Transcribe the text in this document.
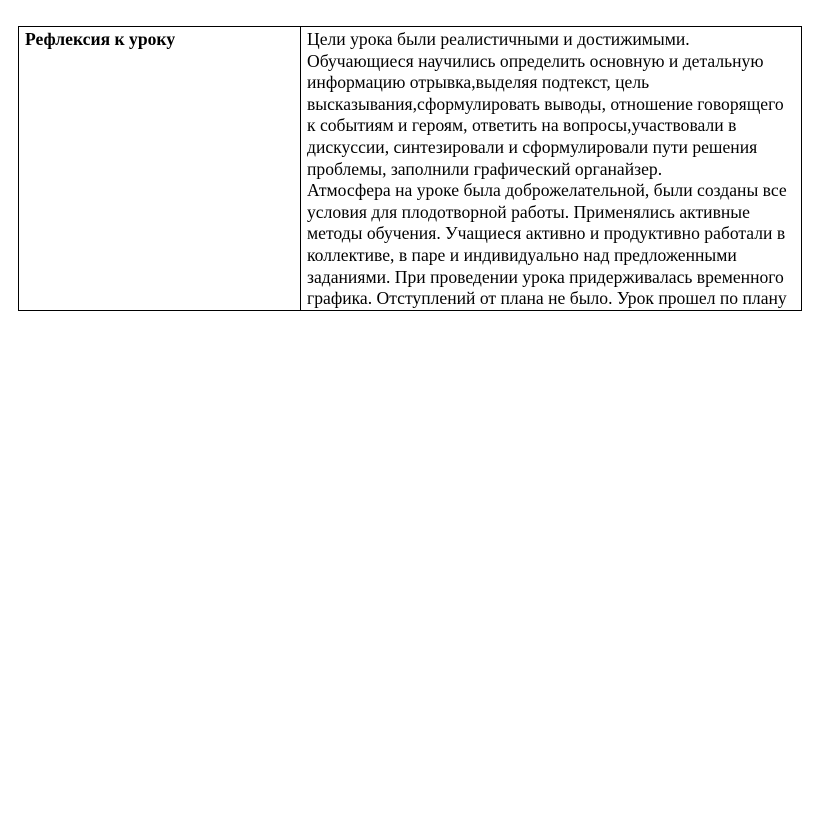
Рефлексия к уроку	Цели урока были реалистичными и достижимыми. Обучающиеся научились определить основную и детальную информацию отрывка,выделяя подтекст, цель высказывания,сформулировать выводы, отношение говорящего к событиям и героям, ответить на вопросы,участвовали в дискуссии, синтезировали и сформулировали пути решения проблемы, заполнили графический органайзер.

Атмосфера на уроке была доброжелательной, были созданы все условия для плодотворной работы. Применялись активные методы обучения. Учащиеся активно и продуктивно работали в коллективе, в паре и индивидуально над предложенными заданиями. При проведении урока придерживалась временного графика. Отступлений от плана не было. Урок прошел по плану
